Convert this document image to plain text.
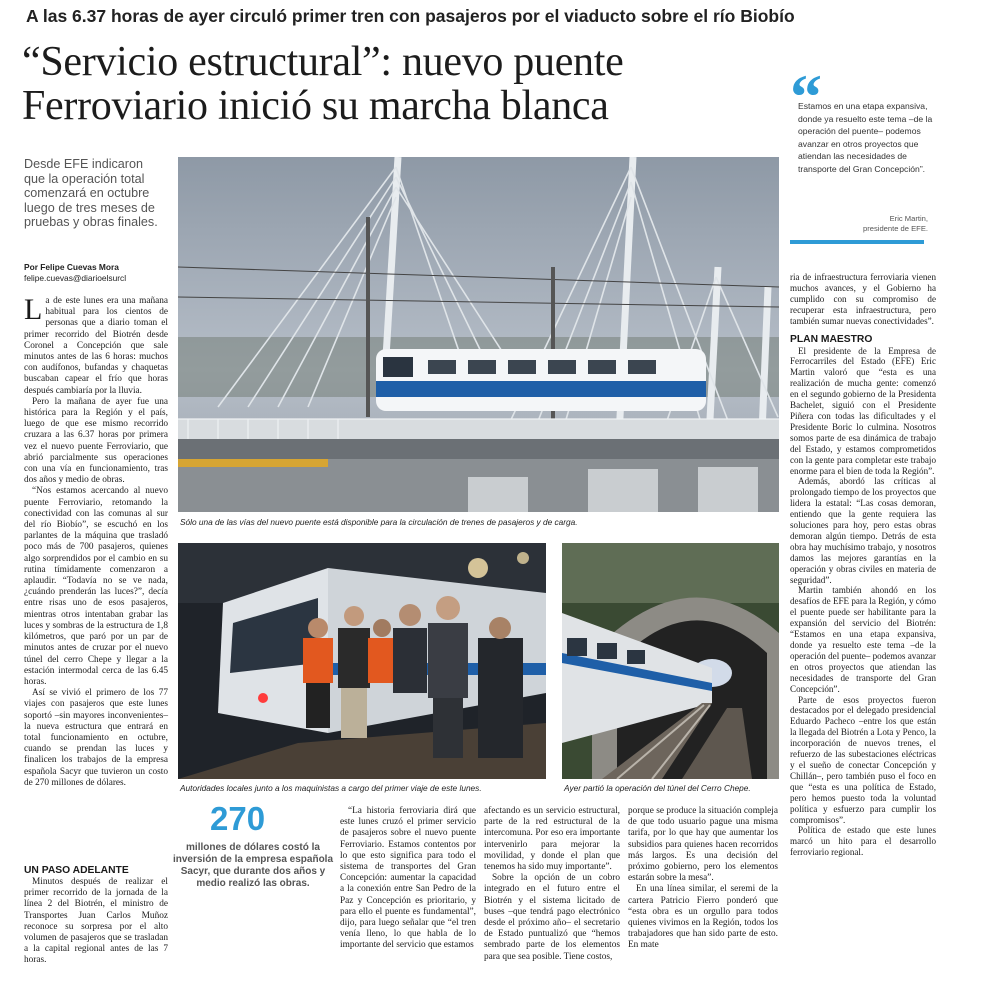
A las 6.37 horas de ayer circuló primer tren con pasajeros por el viaducto sobre el río Biobío
“Servicio estructural”: nuevo puente
Ferroviario inició su marcha blanca
Desde EFE indicaron que la operación total comenzará en octubre luego de tres meses de pruebas y obras finales.
Por Felipe Cuevas Mora
felipe.cuevas@diarioelsurcl

La de este lunes era una mañana habitual para los cientos de personas que a diario toman el primer recorrido del Biotrén desde Coronel a Concepción que sale minutos antes de las 6 horas: muchos con audífonos, bufandas y chaquetas buscaban capear el frío que horas después cambiaría por la lluvia.

Pero la mañana de ayer fue una histórica para la Región y el país, luego de que ese mismo recorrido cruzara a las 6.37 horas por primera vez el nuevo puente Ferroviario, que abrió parcialmente sus operaciones con una vía en funcionamiento, tras dos años y medio de obras.

“Nos estamos acercando al nuevo puente Ferroviario, retomando la conectividad con las comunas al sur del río Biobío”, se escuchó en los parlantes de la máquina que trasladó poco más de 700 pasajeros, quienes algo sorprendidos por el cambio en su rutina tímidamente comenzaron a aplaudir. “Todavía no se ve nada, ¿cuándo prenderán las luces?”, decía entre risas uno de esos pasajeros, mientras otros intentaban grabar las luces y sombras de la estructura de 1,8 kilómetros, que paró por un par de minutos antes de cruzar por el nuevo túnel del cerro Chepe y llegar a la estación intermodal cerca de las 6.45 horas.

Así se vivió el primero de los 77 viajes con pasajeros que este lunes soportó –sin mayores inconvenientes– la nueva estructura que entrará en total funcionamiento en octubre, cuando se prendan las luces y finalicen los trabajos de la empresa española Sacyr que tuvieron un costo de 270 millones de dólares.

UN PASO ADELANTE

Minutos después de realizar el primer recorrido de la jornada de la línea 2 del Biotrén, el ministro de Transportes Juan Carlos Muñoz reconoce su sorpresa por el alto volumen de pasajeros que se trasladan a la capital regional antes de las 7 horas.

Sólo una de las vías del nuevo puente está disponible para la circulación de trenes de pasajeros y de carga.
Autoridades locales junto a los maquinistas a cargo del primer viaje de este lunes.	Ayer partió la operación del túnel del Cerro Chepe.
270
millones de dólares costó la inversión de la empresa española Sacyr, que durante dos años y medio realizó las obras.

“La historia ferroviaria dirá que este lunes cruzó el primer servicio de pasajeros sobre el nuevo puente Ferroviario. Estamos contentos por lo que esto significa para todo el sistema de transportes del Gran Concepción: aumentar la capacidad a la conexión entre San Pedro de la Paz y Concepción es prioritario, y para ello el puente es fundamental”, dijo, para luego señalar que “el tren venía lleno, lo que habla de lo importante del servicio que estamos

afectando es un servicio estructural, parte de la red estructural de la intercomuna. Por eso era importante intervenirlo para mejorar la movilidad, y donde el plan que tenemos ha sido muy importante”.

Sobre la opción de un cobro integrado en el futuro entre el Biotrén y el sistema licitado de buses –que tendrá pago electrónico desde el próximo año– el secretario de Estado puntualizó que “hemos sembrado parte de los elementos para que sea posible. Tiene costos,

porque se produce la situación compleja de que todo usuario pague una misma tarifa, por lo que hay que aumentar los subsidios para quienes hacen recorridos más largos. Es una decisión del próximo gobierno, pero los elementos estarán sobre la mesa”.

En una línea similar, el seremi de la cartera Patricio Fierro ponderó que “esta obra es un orgullo para todos quienes vivimos en la Región, todos los trabajadores que han sido parte de esto. En mate

“
Estamos en una etapa expansiva, donde ya resuelto este tema –de la operación del puente– podemos avanzar en otros proyectos que atiendan las necesidades de transporte del Gran Concepción”.
Eric Martin,
presidente de EFE.

ria de infraestructura ferroviaria vienen muchos avances, y el Gobierno ha cumplido con su compromiso de recuperar esta infraestructura, pero también sumar nuevas conectividades”.

PLAN MAESTRO

El presidente de la Empresa de Ferrocarriles del Estado (EFE) Eric Martin valoró que “esta es una realización de mucha gente: comenzó en el segundo gobierno de la Presidenta Bachelet, siguió con el Presidente Piñera con todas las dificultades y el Presidente Boric lo culmina. Nosotros somos parte de esa dinámica de trabajo del Estado, y estamos comprometidos con la gente para completar este trabajo enorme para el bien de toda la Región”.

Además, abordó las críticas al prolongado tiempo de los proyectos que lidera la estatal: “Las cosas demoran, entiendo que la gente requiera las soluciones para hoy, pero estas obras demoran algún tiempo. Detrás de esta obra hay muchísimo trabajo, y nosotros damos las mejores garantías en la operación y obras civiles en materia de seguridad”.

Martin también ahondó en los desafíos de EFE para la Región, y cómo el puente puede ser habilitante para la expansión del servicio del Biotrén: “Estamos en una etapa expansiva, donde ya resuelto este tema –de la operación del puente– podemos avanzar en otros proyectos que atiendan las necesidades de transporte del Gran Concepción”.

Parte de esos proyectos fueron destacados por el delegado presidencial Eduardo Pacheco –entre los que están la llegada del Biotrén a Lota y Penco, la incorporación de nuevos trenes, el refuerzo de las subestaciones eléctricas y el sueño de conectar Concepción y Chillán–, pero también puso el foco en que “esta es una política de Estado, pero hemos puesto toda la voluntad política y esfuerzo para cumplir los compromisos”.

Política de estado que este lunes marcó un hito para el desarrollo ferroviario regional.
